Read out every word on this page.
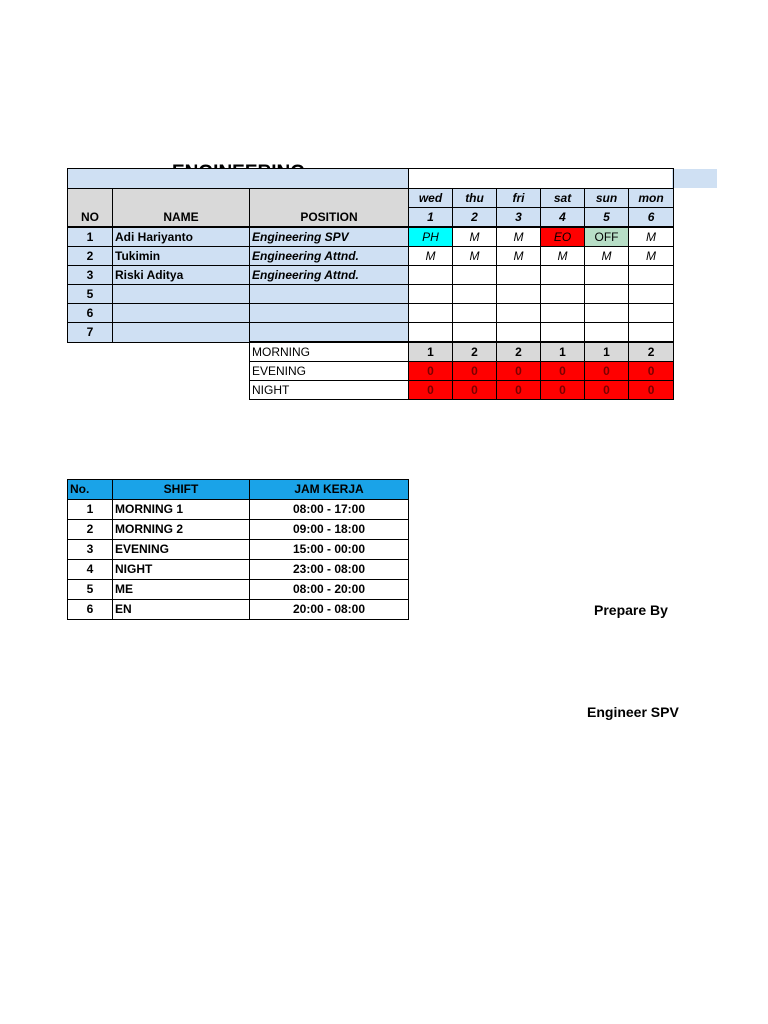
NO	NAME	POSITION	wed	thu	fri	sat	sun	mon
			1	2	3	4	5	6
1	Adi Hariyanto	Engineering SPV	PH	M	M	EO	OFF	M
2	Tukimin	Engineering Attnd.	M	M	M	M	M	M
3	Riski Aditya	Engineering Attnd.						
5								
6								
7								
		MORNING	1	2	2	1	1	2
		EVENING	0	0	0	0	0	0
		NIGHT	0	0	0	0	0	0
No.	SHIFT	JAM KERJA
1	MORNING 1	08:00 - 17:00
2	MORNING 2	09:00 - 18:00
3	EVENING	15:00 - 00:00
4	NIGHT	23:00 - 08:00
5	ME	08:00 - 20:00
6	EN	20:00 - 08:00	Prepare By
Engineer SPV
